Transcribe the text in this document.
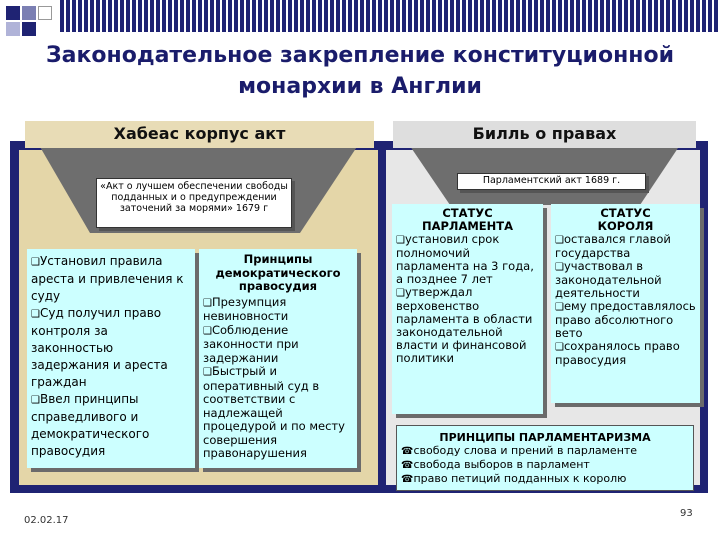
Законодательное закрепление конституционной
монархии в Англии
Хабеас корпус акт	Билль о правах
«Акт о лучшем обеспечении свободы подданных и о предупреждении заточений за морями» 1679 г
Парламентский акт 1689 г.
❑Установил правила ареста и привлечения к суду
❑Суд получил право контроля за законностью задержания и ареста граждан
❑Ввел принципы справедливого и демократического правосудия
Принципы демократического правосудия
❑Презумпция невиновности
❑Соблюдение законности при задержании
❑Быстрый и оперативный суд в соответствии с надлежащей процедурой и по месту совершения правонарушения
СТАТУС ПАРЛАМЕНТА
❑установил срок полномочий парламента на 3 года, а позднее 7 лет
❑утверждал верховенство парламента в области законодательной власти и финансовой политики
СТАТУС КОРОЛЯ
❑оставался главой государства
❑участвовал в законодательной деятельности
❑ему предоставлялось право абсолютного вето
❑сохранялось право правосудия
ПРИНЦИПЫ ПАРЛАМЕНТАРИЗМА
☎свободу слова и прений в парламенте
☎свобода выборов в парламент
☎право петиций подданных к королю
02.02.17
93
